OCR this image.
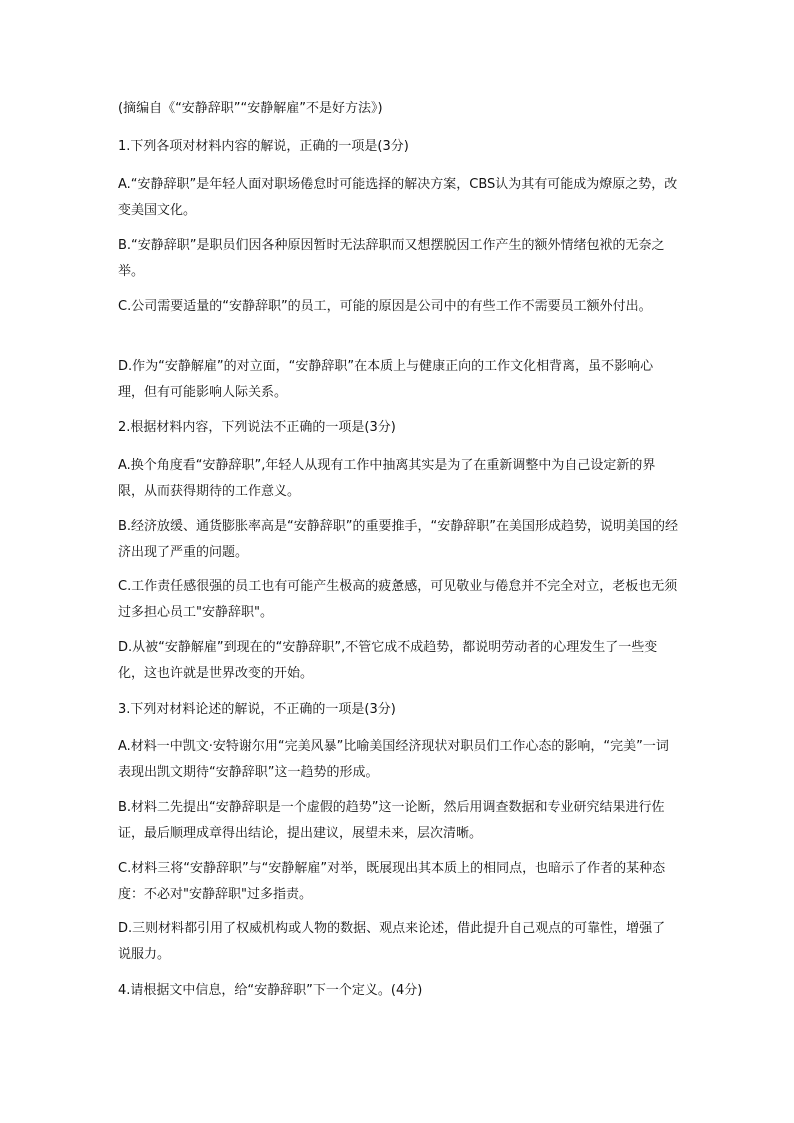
(摘编自《“安静辞职”“安静解雇”不是好方法》)

1.下列各项对材料内容的解说，正确的一项是(3分)

A.“安静辞职”是年轻人面对职场倦怠时可能选择的解决方案，CBS认为其有可能成为燎原之势，改变美国文化。

B.“安静辞职”是职员们因各种原因暂时无法辞职而又想摆脱因工作产生的额外情绪包袱的无奈之举。

C.公司需要适量的“安静辞职”的员工，可能的原因是公司中的有些工作不需要员工额外付出。

D.作为“安静解雇”的对立面，“安静辞职”在本质上与健康正向的工作文化相背离，虽不影响心理，但有可能影响人际关系。

2.根据材料内容，下列说法不正确的一项是(3分)

A.换个角度看“安静辞职”,年轻人从现有工作中抽离其实是为了在重新调整中为自己设定新的界限，从而获得期待的工作意义。

B.经济放缓、通货膨胀率高是“安静辞职”的重要推手，“安静辞职”在美国形成趋势，说明美国的经济出现了严重的问题。

C.工作责任感很强的员工也有可能产生极高的疲惫感，可见敬业与倦怠并不完全对立，老板也无须过多担心员工"安静辞职"。

D.从被“安静解雇”到现在的“安静辞职”,不管它成不成趋势，都说明劳动者的心理发生了一些变化，这也许就是世界改变的开始。

3.下列对材料论述的解说，不正确的一项是(3分)

A.材料一中凯文·安特谢尔用“完美风暴”比喻美国经济现状对职员们工作心态的影响，“完美”一词表现出凯文期待“安静辞职”这一趋势的形成。

B.材料二先提出“安静辞职是一个虚假的趋势”这一论断，然后用调查数据和专业研究结果进行佐证，最后顺理成章得出结论，提出建议，展望未来，层次清晰。

C.材料三将“安静辞职”与“安静解雇”对举，既展现出其本质上的相同点，也暗示了作者的某种态度：不必对"安静辞职"过多指责。

D.三则材料都引用了权威机构或人物的数据、观点来论述，借此提升自己观点的可靠性，增强了说服力。

4.请根据文中信息，给“安静辞职”下一个定义。(4分)
